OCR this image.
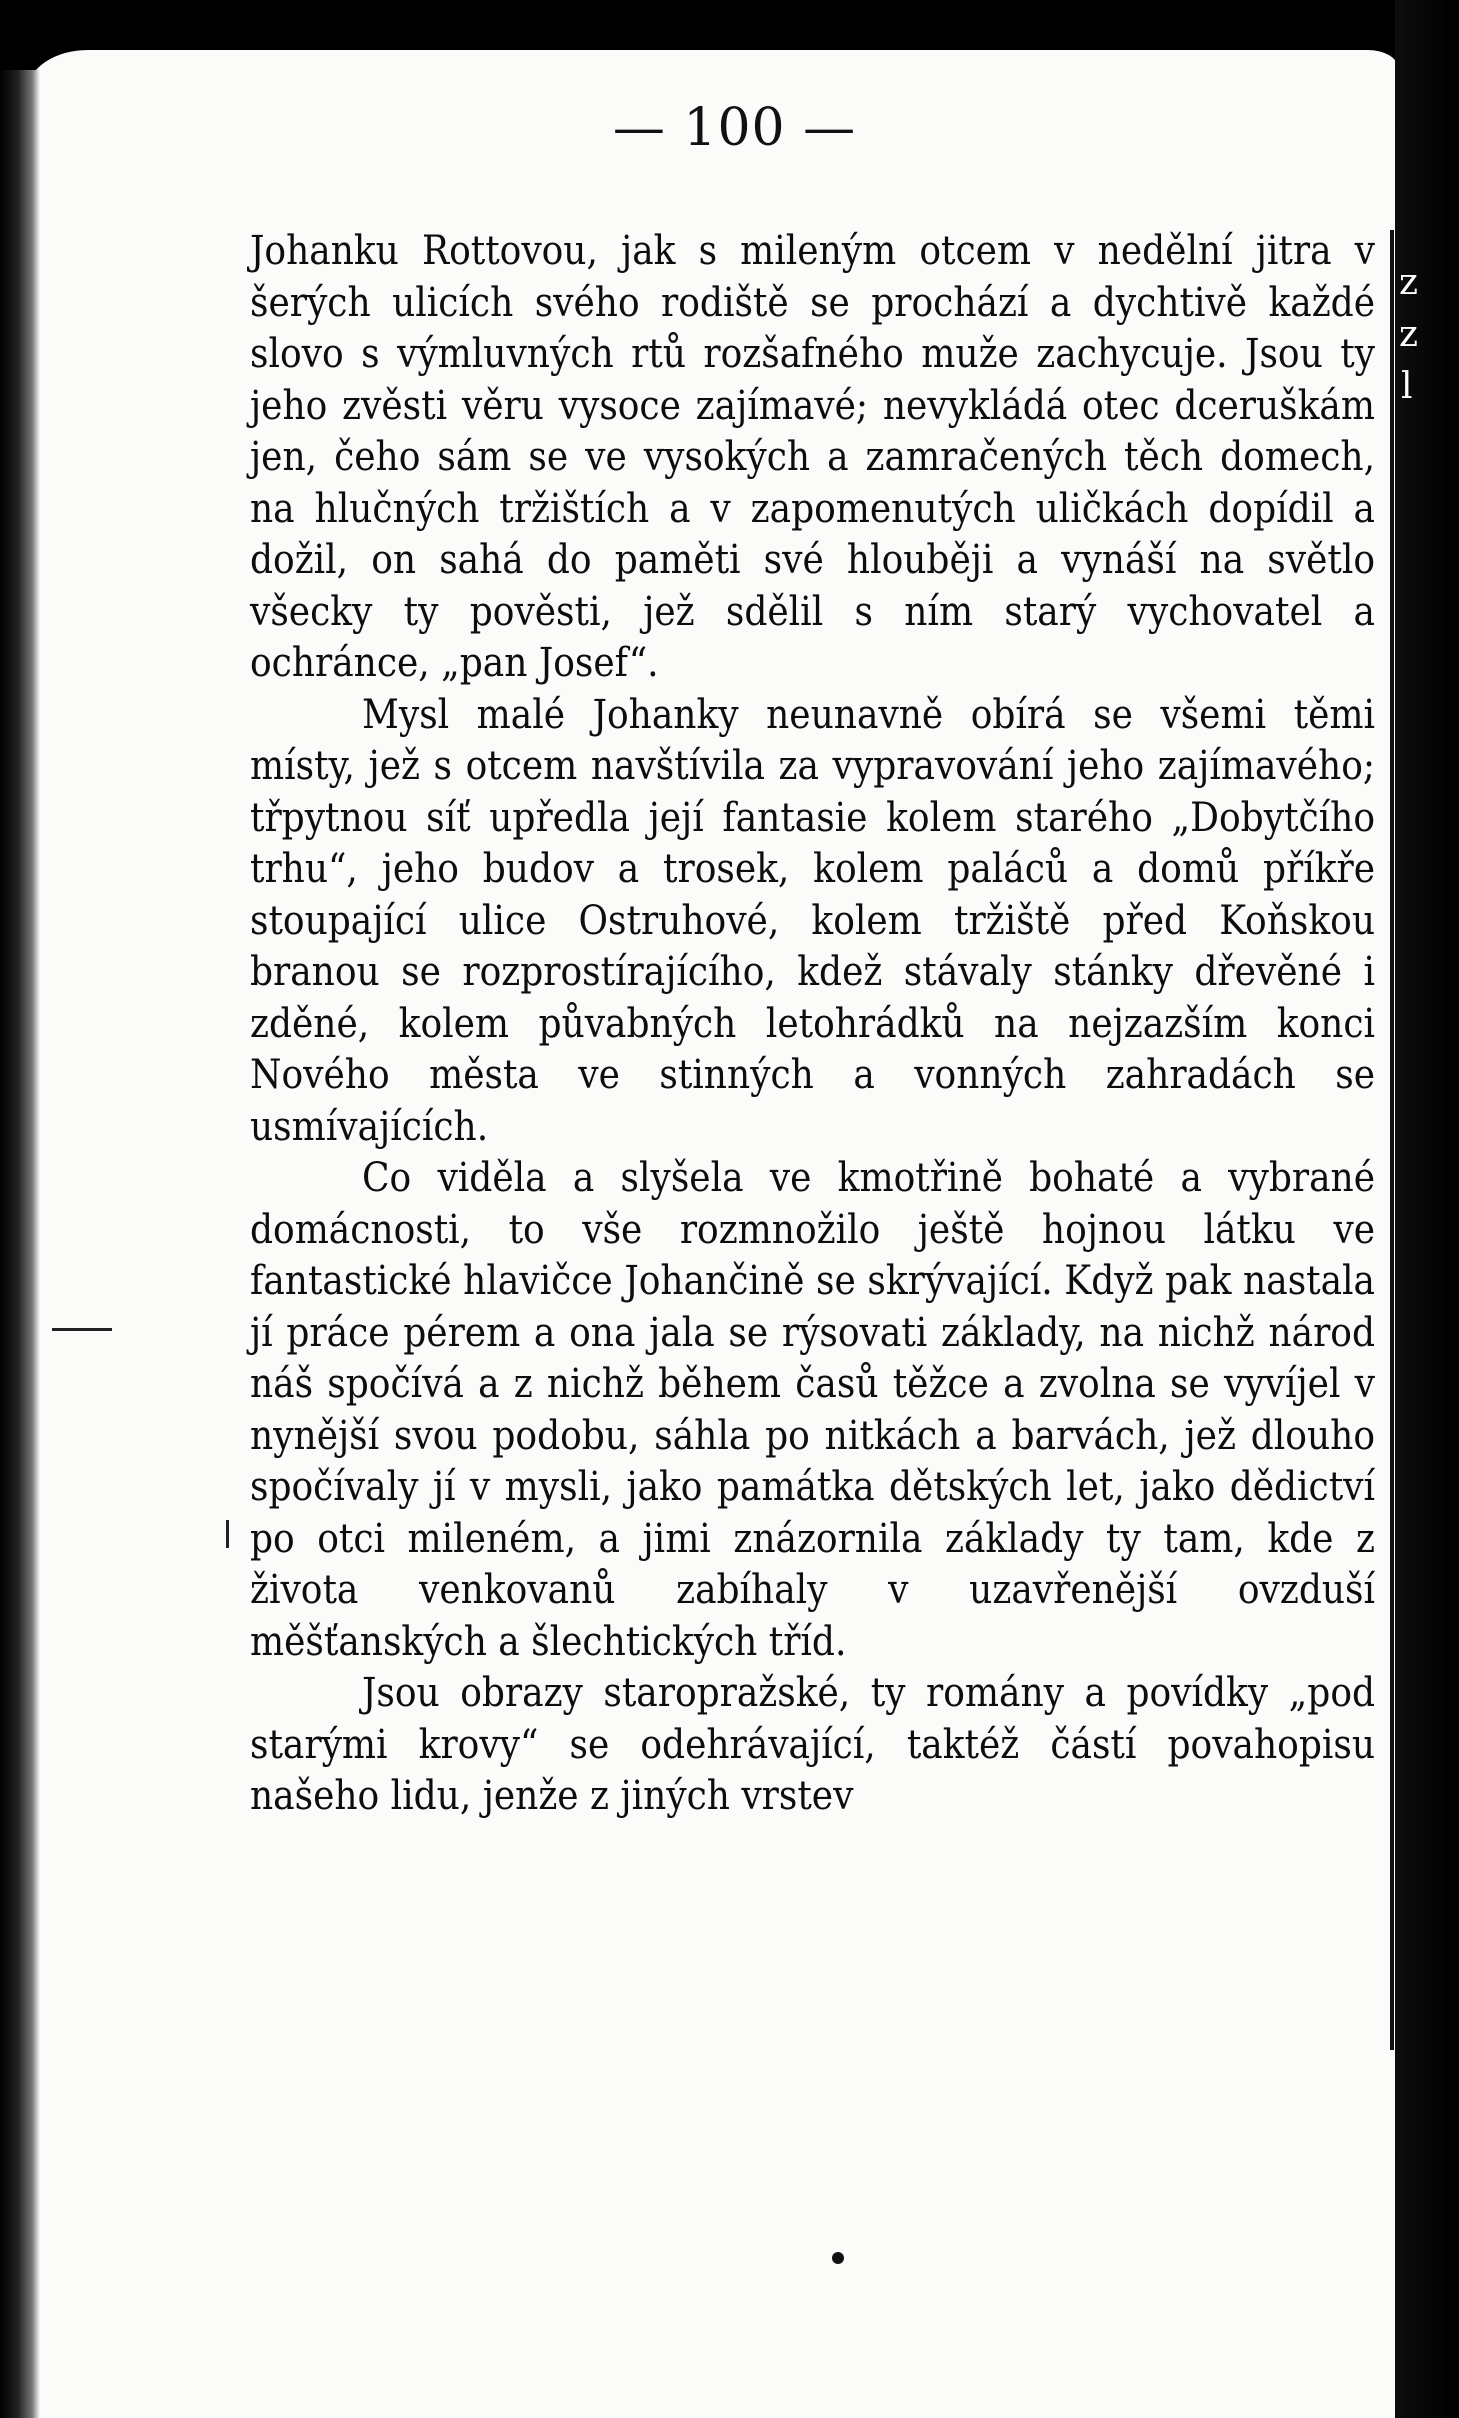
z
z
l
— 100 —

Johanku Rottovou, jak s mileným otcem v nedělní jitra v šerých ulicích svého rodiště se prochází a dychtivě každé slovo s výmluvných rtů rozšafného muže zachycuje. Jsou ty jeho zvěsti věru vysoce zajímavé; nevykládá otec dceruškám jen, čeho sám se ve vysokých a zamračených těch domech, na hlučných tržištích a v zapomenutých uličkách dopídil a dožil, on sahá do paměti své hlouběji a vynáší na světlo všecky ty pověsti, jež sdělil s ním starý vychovatel a ochránce, „pan Josef“.

Mysl malé Johanky neunavně obírá se všemi těmi místy, jež s otcem navštívila za vypravování jeho zajímavého; třpytnou síť upředla její fantasie kolem starého „Dobytčího trhu“, jeho budov a trosek, kolem paláců a domů příkře stoupající ulice Ostruhové, kolem tržiště před Koňskou branou se rozprostírajícího, kdež stávaly stánky dřevěné i zděné, kolem půvabných letohrádků na nejzazším konci Nového města ve stinných a vonných zahradách se usmívajících.

Co viděla a slyšela ve kmotřině bohaté a vybrané domácnosti, to vše rozmnožilo ještě hojnou látku ve fantastické hlavičce Johančině se skrývající. Když pak nastala jí práce pérem a ona jala se rýsovati základy, na nichž národ náš spočívá a z nichž během časů těžce a zvolna se vyvíjel v nynější svou podobu, sáhla po nitkách a barvách, jež dlouho spočívaly jí v mysli, jako památka dětských let, jako dědictví po otci mileném, a jimi znázornila základy ty tam, kde z života venkovanů zabíhaly v uzavřenější ovzduší měšťanských a šlechtických tříd.

Jsou obrazy staropražské, ty romány a povídky „pod starými krovy“ se odehrávající, taktéž částí povahopisu našeho lidu, jenže z jiných vrstev
